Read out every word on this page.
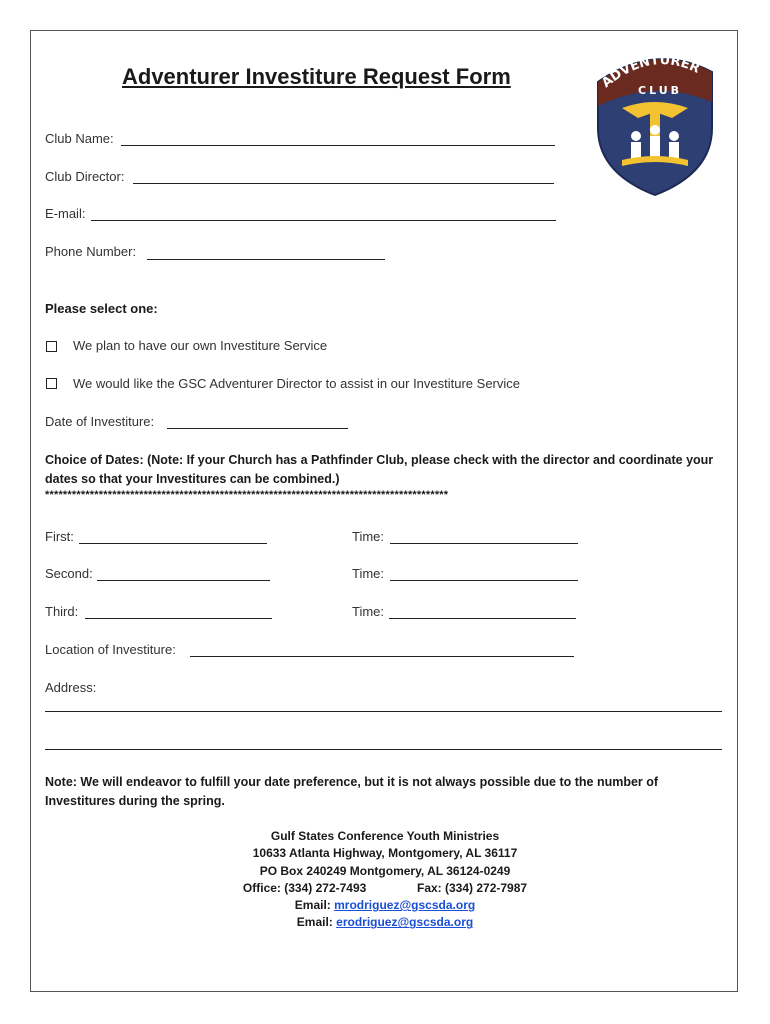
Adventurer Investiture Request Form	ADVENTURER
CLUB
Club Name:
Club Director:
E-mail:
Phone Number:
Please select one:
We plan to have our own Investiture Service
We would like the GSC Adventurer Director to assist in our Investiture Service
Date of Investiture:
Choice of Dates: (Note: If your Church has a Pathfinder Club, please check with the director and coordinate your dates so that your Investitures can be combined.)
******************************************************************************************
First:	Time:
Second:	Time:
Third:	Time:
Location of Investiture:
Address:
Note: We will endeavor to fulfill your date preference, but it is not always possible due to the number of Investitures during the spring.
Gulf States Conference Youth Ministries
10633 Atlanta Highway, Montgomery, AL 36117
PO Box 240249 Montgomery, AL 36124-0249
Office: (334) 272-7493	Fax: (334) 272-7987
Email: mrodriguez@gscsda.org
Email: erodriguez@gscsda.org
